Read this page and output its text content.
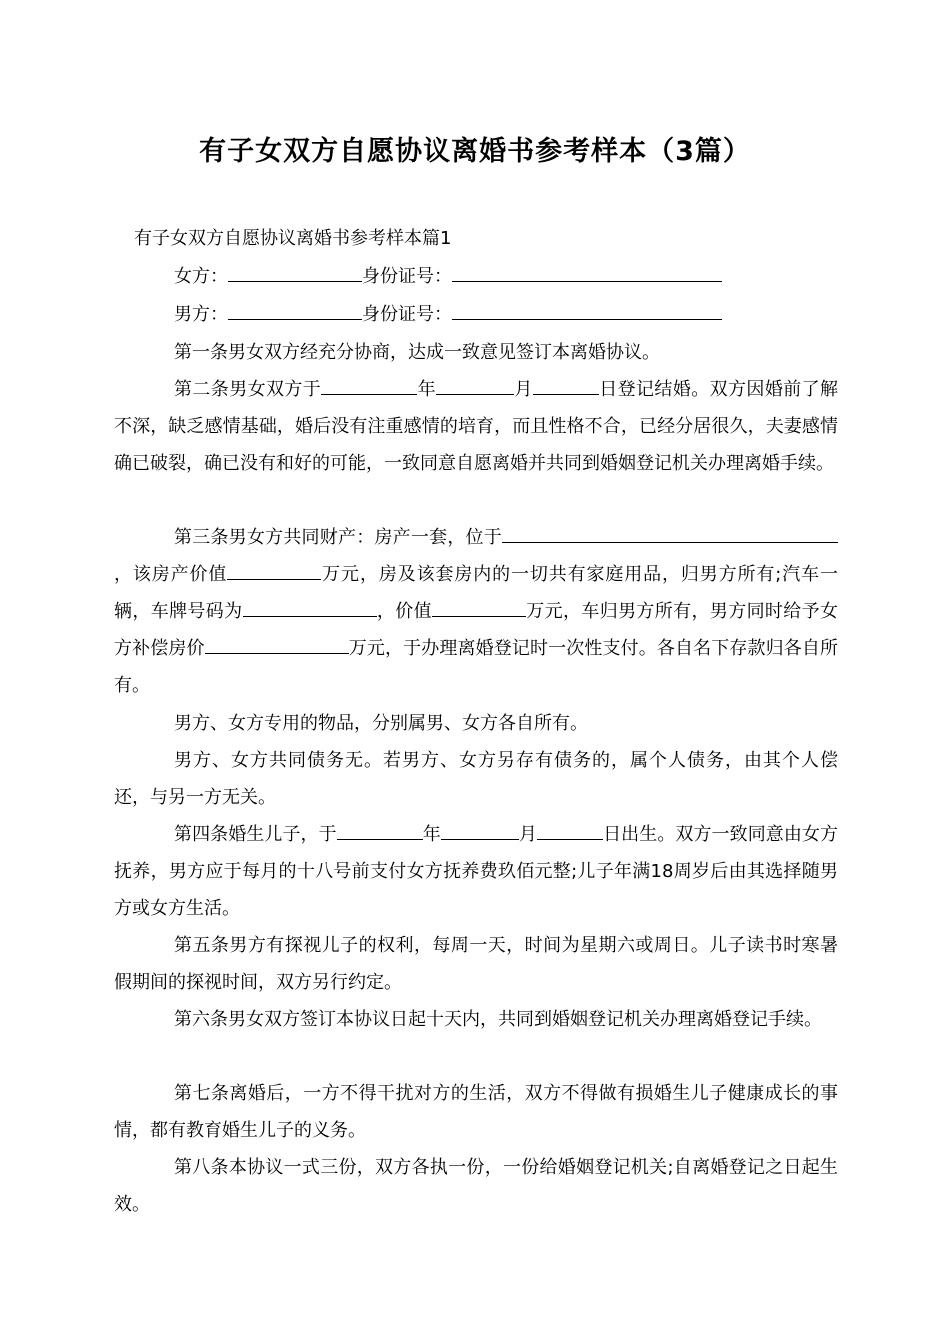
有子女双方自愿协议离婚书参考样本（3篇）
有子女双方自愿协议离婚书参考样本篇1
女方：	身份证号：
男方：	身份证号：
第一条男女双方经充分协商，达成一致意见签订本离婚协议。
第二条男女双方于	年	月	日登记结婚。双方因婚前了解不深，缺乏感情基础，婚后没有注重感情的培育，而且性格不合，已经分居很久，夫妻感情确已破裂，确已没有和好的可能，一致同意自愿离婚并共同到婚姻登记机关办理离婚手续。
第三条男女方共同财产：房产一套，位于，该房产价值	万元，房及该套房内的一切共有家庭用品，归男方所有;汽车一辆，车牌号码为	，价值	万元，车归男方所有，男方同时给予女方补偿房价	万元，于办理离婚登记时一次性支付。各自名下存款归各自所有。
男方、女方专用的物品，分别属男、女方各自所有。
男方、女方共同债务无。若男方、女方另存有债务的，属个人债务，由其个人偿还，与另一方无关。
第四条婚生儿子，于	年	月	日出生。双方一致同意由女方抚养，男方应于每月的十八号前支付女方抚养费玖佰元整;儿子年满18周岁后由其选择随男方或女方生活。
第五条男方有探视儿子的权利，每周一天，时间为星期六或周日。儿子读书时寒暑假期间的探视时间，双方另行约定。
第六条男女双方签订本协议日起十天内，共同到婚姻登记机关办理离婚登记手续。
第七条离婚后，一方不得干扰对方的生活，双方不得做有损婚生儿子健康成长的事情，都有教育婚生儿子的义务。
第八条本协议一式三份，双方各执一份，一份给婚姻登记机关;自离婚登记之日起生效。
